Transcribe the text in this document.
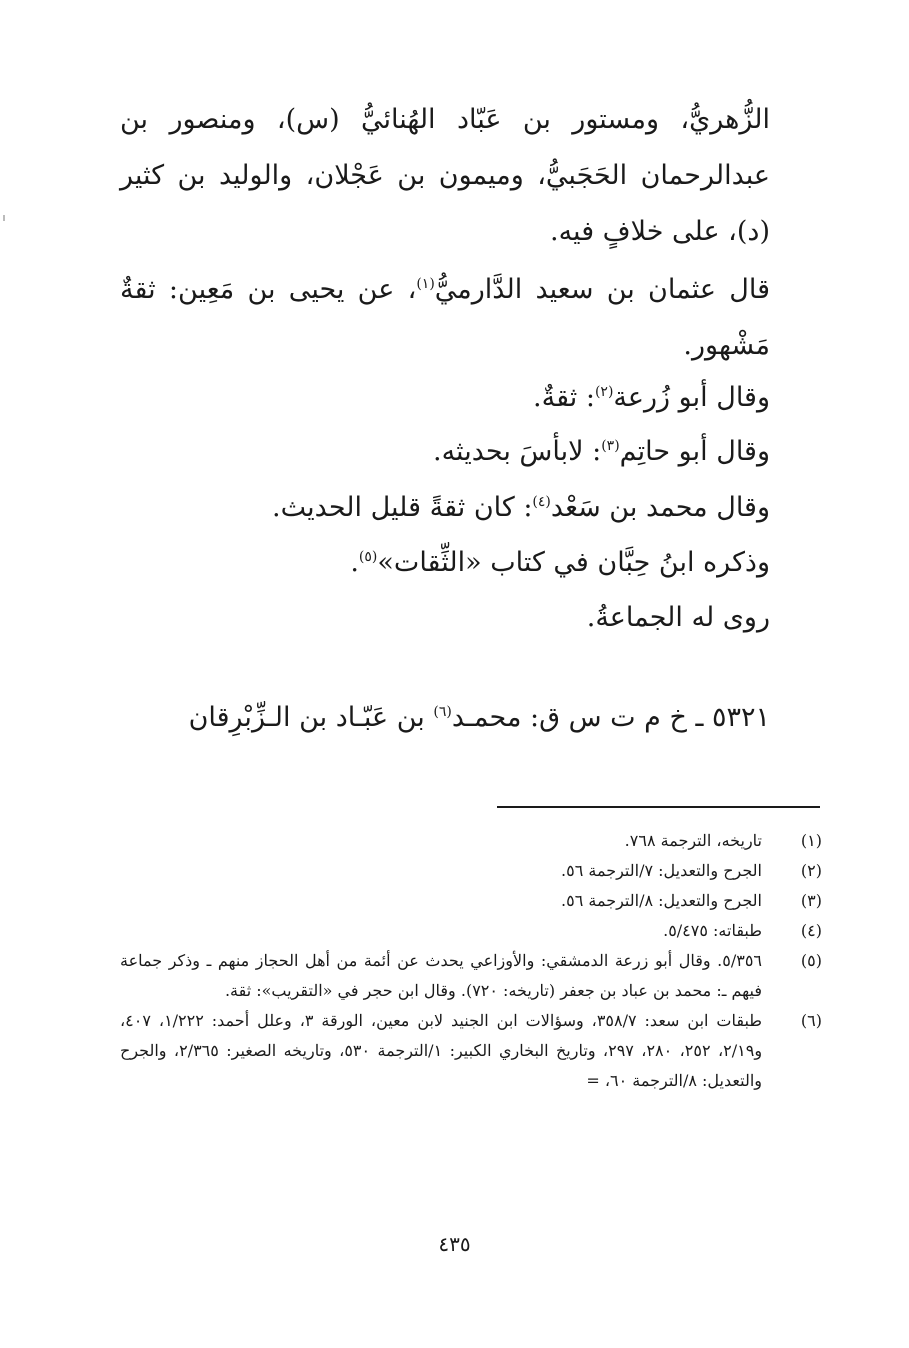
الزُّهريُّ، ومستور بن عَبّاد الهُنائيُّ (س)، ومنصور بن عبدالرحمان الحَجَبيُّ، وميمون بن عَجْلان، والوليد بن كثير (د)، على خلافٍ فيه.
قال عثمان بن سعيد الدَّارميُّ$^{(١)}$، عن يحيى بن مَعِين: ثقةٌ مَشْهور.
وقال أبو زُرعة$^{(٢)}$: ثقةٌ.
وقال أبو حاتِم$^{(٣)}$: لابأسَ بحديثه.
وقال محمد بن سَعْد$^{(٤)}$: كان ثقةً قليل الحديث.
وذكره ابنُ حِبَّان في كتاب «الثِّقات»$^{(٥)}$.
روى له الجماعةُ.
٥٣٢١ ـ خ م ت س ق: محمـد$^{(٦)}$ بن عَبّـاد بن الـزِّبْرِقان
(١)
تاريخه، الترجمة ٧٦٨.
(٢)
الجرح والتعديل: ٧/الترجمة ٥٦.
(٣)
الجرح والتعديل: ٨/الترجمة ٥٦.
(٤)
طبقاته: ٥/٤٧٥.
(٥)
٥/٣٥٦. وقال أبو زرعة الدمشقي: والأوزاعي يحدث عن أئمة من أهل الحجاز منهم ـ وذكر جماعة فيهم ـ: محمد بن عباد بن جعفر (تاريخه: ٧٢٠). وقال ابن حجر في «التقريب»: ثقة.
(٦)
طبقات ابن سعد: ٣٥٨/٧، وسؤالات ابن الجنيد لابن معين، الورقة ٣، وعلل أحمد: ١/٢٢٢، ٤٠٧، و٢/١٩، ٢٥٢، ٢٨٠، ٢٩٧، وتاريخ البخاري الكبير: ١/الترجمة ٥٣٠، وتاريخه الصغير: ٢/٣٦٥، والجرح والتعديل: ٨/الترجمة ٦٠، =
٤٣٥
